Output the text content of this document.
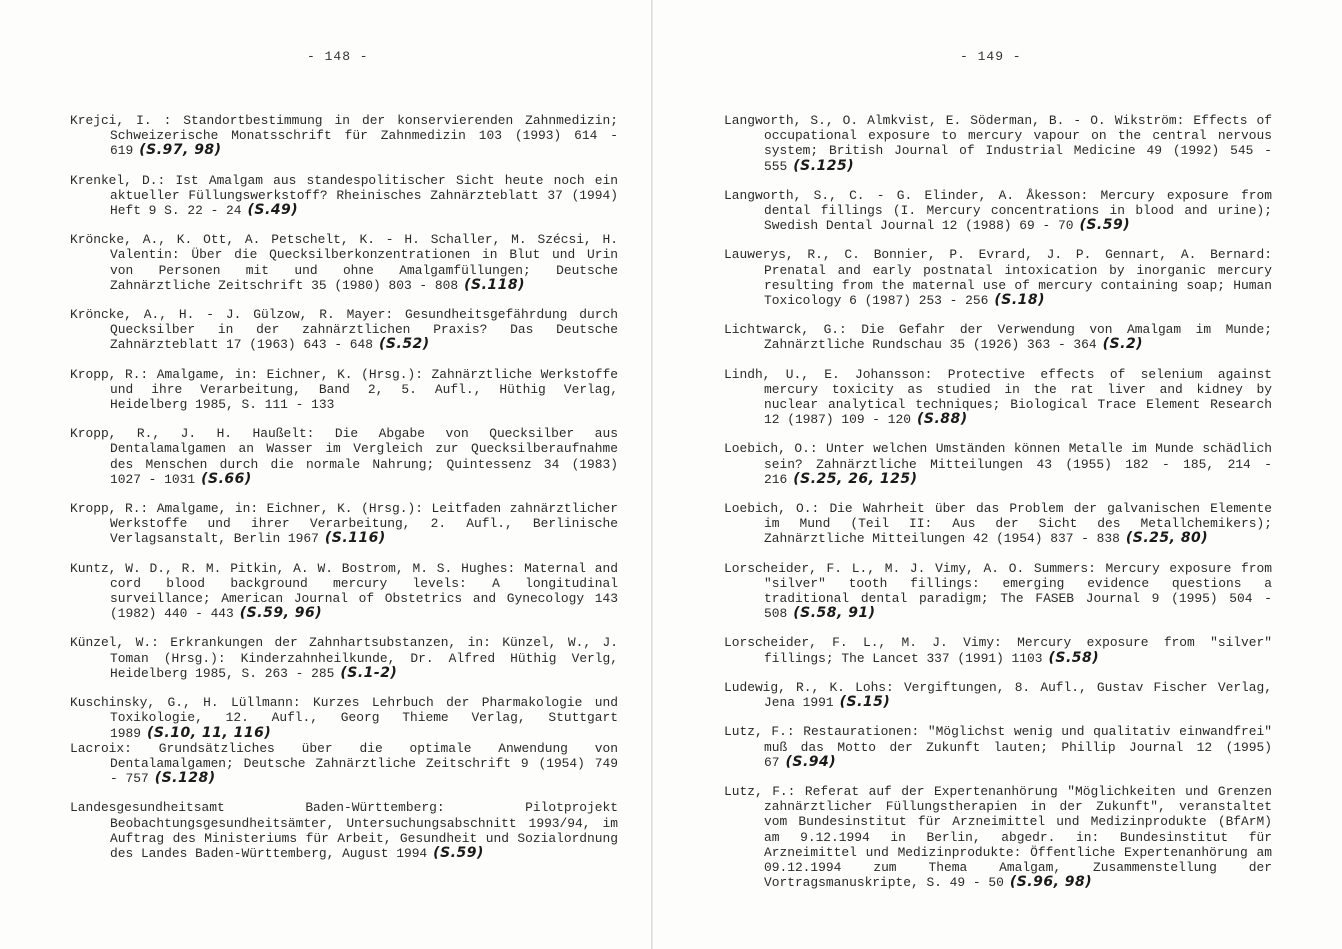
- 148 -
Krejci, I. : Standortbestimmung in der konservierenden Zahnmedizin; Schweizerische Monatsschrift für Zahnmedizin 103 (1993) 614 - 619 (S.97, 98)
Krenkel, D.: Ist Amalgam aus standespolitischer Sicht heute noch ein aktueller Füllungswerkstoff? Rheinisches Zahnärzteblatt 37 (1994) Heft 9 S. 22 - 24 (S.49)
Kröncke, A., K. Ott, A. Petschelt, K. - H. Schaller, M. Szécsi, H. Valentin: Über die Quecksilberkonzentrationen in Blut und Urin von Personen mit und ohne Amalgamfüllungen; Deutsche Zahnärztliche Zeitschrift 35 (1980) 803 - 808 (S.118)
Kröncke, A., H. - J. Gülzow, R. Mayer: Gesundheitsgefährdung durch Quecksilber in der zahnärztlichen Praxis? Das Deutsche Zahnärzteblatt 17 (1963) 643 - 648 (S.52)
Kropp, R.: Amalgame, in: Eichner, K. (Hrsg.): Zahnärztliche Werkstoffe und ihre Verarbeitung, Band 2, 5. Aufl., Hüthig Verlag, Heidelberg 1985, S. 111 - 133
Kropp, R., J. H. Haußelt: Die Abgabe von Quecksilber aus Dentalamalgamen an Wasser im Vergleich zur Quecksilberaufnahme des Menschen durch die normale Nahrung; Quintessenz 34 (1983) 1027 - 1031 (S.66)
Kropp, R.: Amalgame, in: Eichner, K. (Hrsg.): Leitfaden zahnärztlicher Werkstoffe und ihrer Verarbeitung, 2. Aufl., Berlinische Verlagsanstalt, Berlin 1967 (S.116)
Kuntz, W. D., R. M. Pitkin, A. W. Bostrom, M. S. Hughes: Maternal and cord blood background mercury levels: A longitudinal surveillance; American Journal of Obstetrics and Gynecology 143 (1982) 440 - 443 (S.59, 96)
Künzel, W.: Erkrankungen der Zahnhartsubstanzen, in: Künzel, W., J. Toman (Hrsg.): Kinderzahnheilkunde, Dr. Alfred Hüthig Verlg, Heidelberg 1985, S. 263 - 285 (S.1-2)
Kuschinsky, G., H. Lüllmann: Kurzes Lehrbuch der Pharmakologie und Toxikologie, 12. Aufl., Georg Thieme Verlag, Stuttgart 1989 (S.10, 11, 116)
Lacroix: Grundsätzliches über die optimale Anwendung von Dentalamalgamen; Deutsche Zahnärztliche Zeitschrift 9 (1954) 749 - 757 (S.128)
Landesgesundheitsamt Baden-Württemberg: Pilotprojekt Beobachtungsgesundheitsämter, Untersuchungsabschnitt 1993/94, im Auftrag des Ministeriums für Arbeit, Gesundheit und Sozialordnung des Landes Baden-Württemberg, August 1994 (S.59)
- 149 -
Langworth, S., O. Almkvist, E. Söderman, B. - O. Wikström: Effects of occupational exposure to mercury vapour on the central nervous system; British Journal of Industrial Medicine 49 (1992) 545 - 555 (S.125)
Langworth, S., C. - G. Elinder, A. Åkesson: Mercury exposure from dental fillings (I. Mercury concentrations in blood and urine); Swedish Dental Journal 12 (1988) 69 - 70 (S.59)
Lauwerys, R., C. Bonnier, P. Evrard, J. P. Gennart, A. Bernard: Prenatal and early postnatal intoxication by inorganic mercury resulting from the maternal use of mercury containing soap; Human Toxicology 6 (1987) 253 - 256 (S.18)
Lichtwarck, G.: Die Gefahr der Verwendung von Amalgam im Munde; Zahnärztliche Rundschau 35 (1926) 363 - 364 (S.2)
Lindh, U., E. Johansson: Protective effects of selenium against mercury toxicity as studied in the rat liver and kidney by nuclear analytical techniques; Biological Trace Element Research 12 (1987) 109 - 120 (S.88)
Loebich, O.: Unter welchen Umständen können Metalle im Munde schädlich sein? Zahnärztliche Mitteilungen 43 (1955) 182 - 185, 214 - 216 (S.25, 26, 125)
Loebich, O.: Die Wahrheit über das Problem der galvanischen Elemente im Mund (Teil II: Aus der Sicht des Metallchemikers); Zahnärztliche Mitteilungen 42 (1954) 837 - 838 (S.25, 80)
Lorscheider, F. L., M. J. Vimy, A. O. Summers: Mercury exposure from "silver" tooth fillings: emerging evidence questions a traditional dental paradigm; The FASEB Journal 9 (1995) 504 - 508 (S.58, 91)
Lorscheider, F. L., M. J. Vimy: Mercury exposure from "silver" fillings; The Lancet 337 (1991) 1103 (S.58)
Ludewig, R., K. Lohs: Vergiftungen, 8. Aufl., Gustav Fischer Verlag, Jena 1991 (S.15)
Lutz, F.: Restaurationen: "Möglichst wenig und qualitativ einwandfrei" muß das Motto der Zukunft lauten; Phillip Journal 12 (1995) 67 (S.94)
Lutz, F.: Referat auf der Expertenanhörung "Möglichkeiten und Grenzen zahnärztlicher Füllungstherapien in der Zukunft", veranstaltet vom Bundesinstitut für Arzneimittel und Medizinprodukte (BfArM) am 9.12.1994 in Berlin, abgedr. in: Bundesinstitut für Arzneimittel und Medizinprodukte: Öffentliche Expertenanhörung am 09.12.1994 zum Thema Amalgam, Zusammenstellung der Vortragsmanuskripte, S. 49 - 50 (S.96, 98)
